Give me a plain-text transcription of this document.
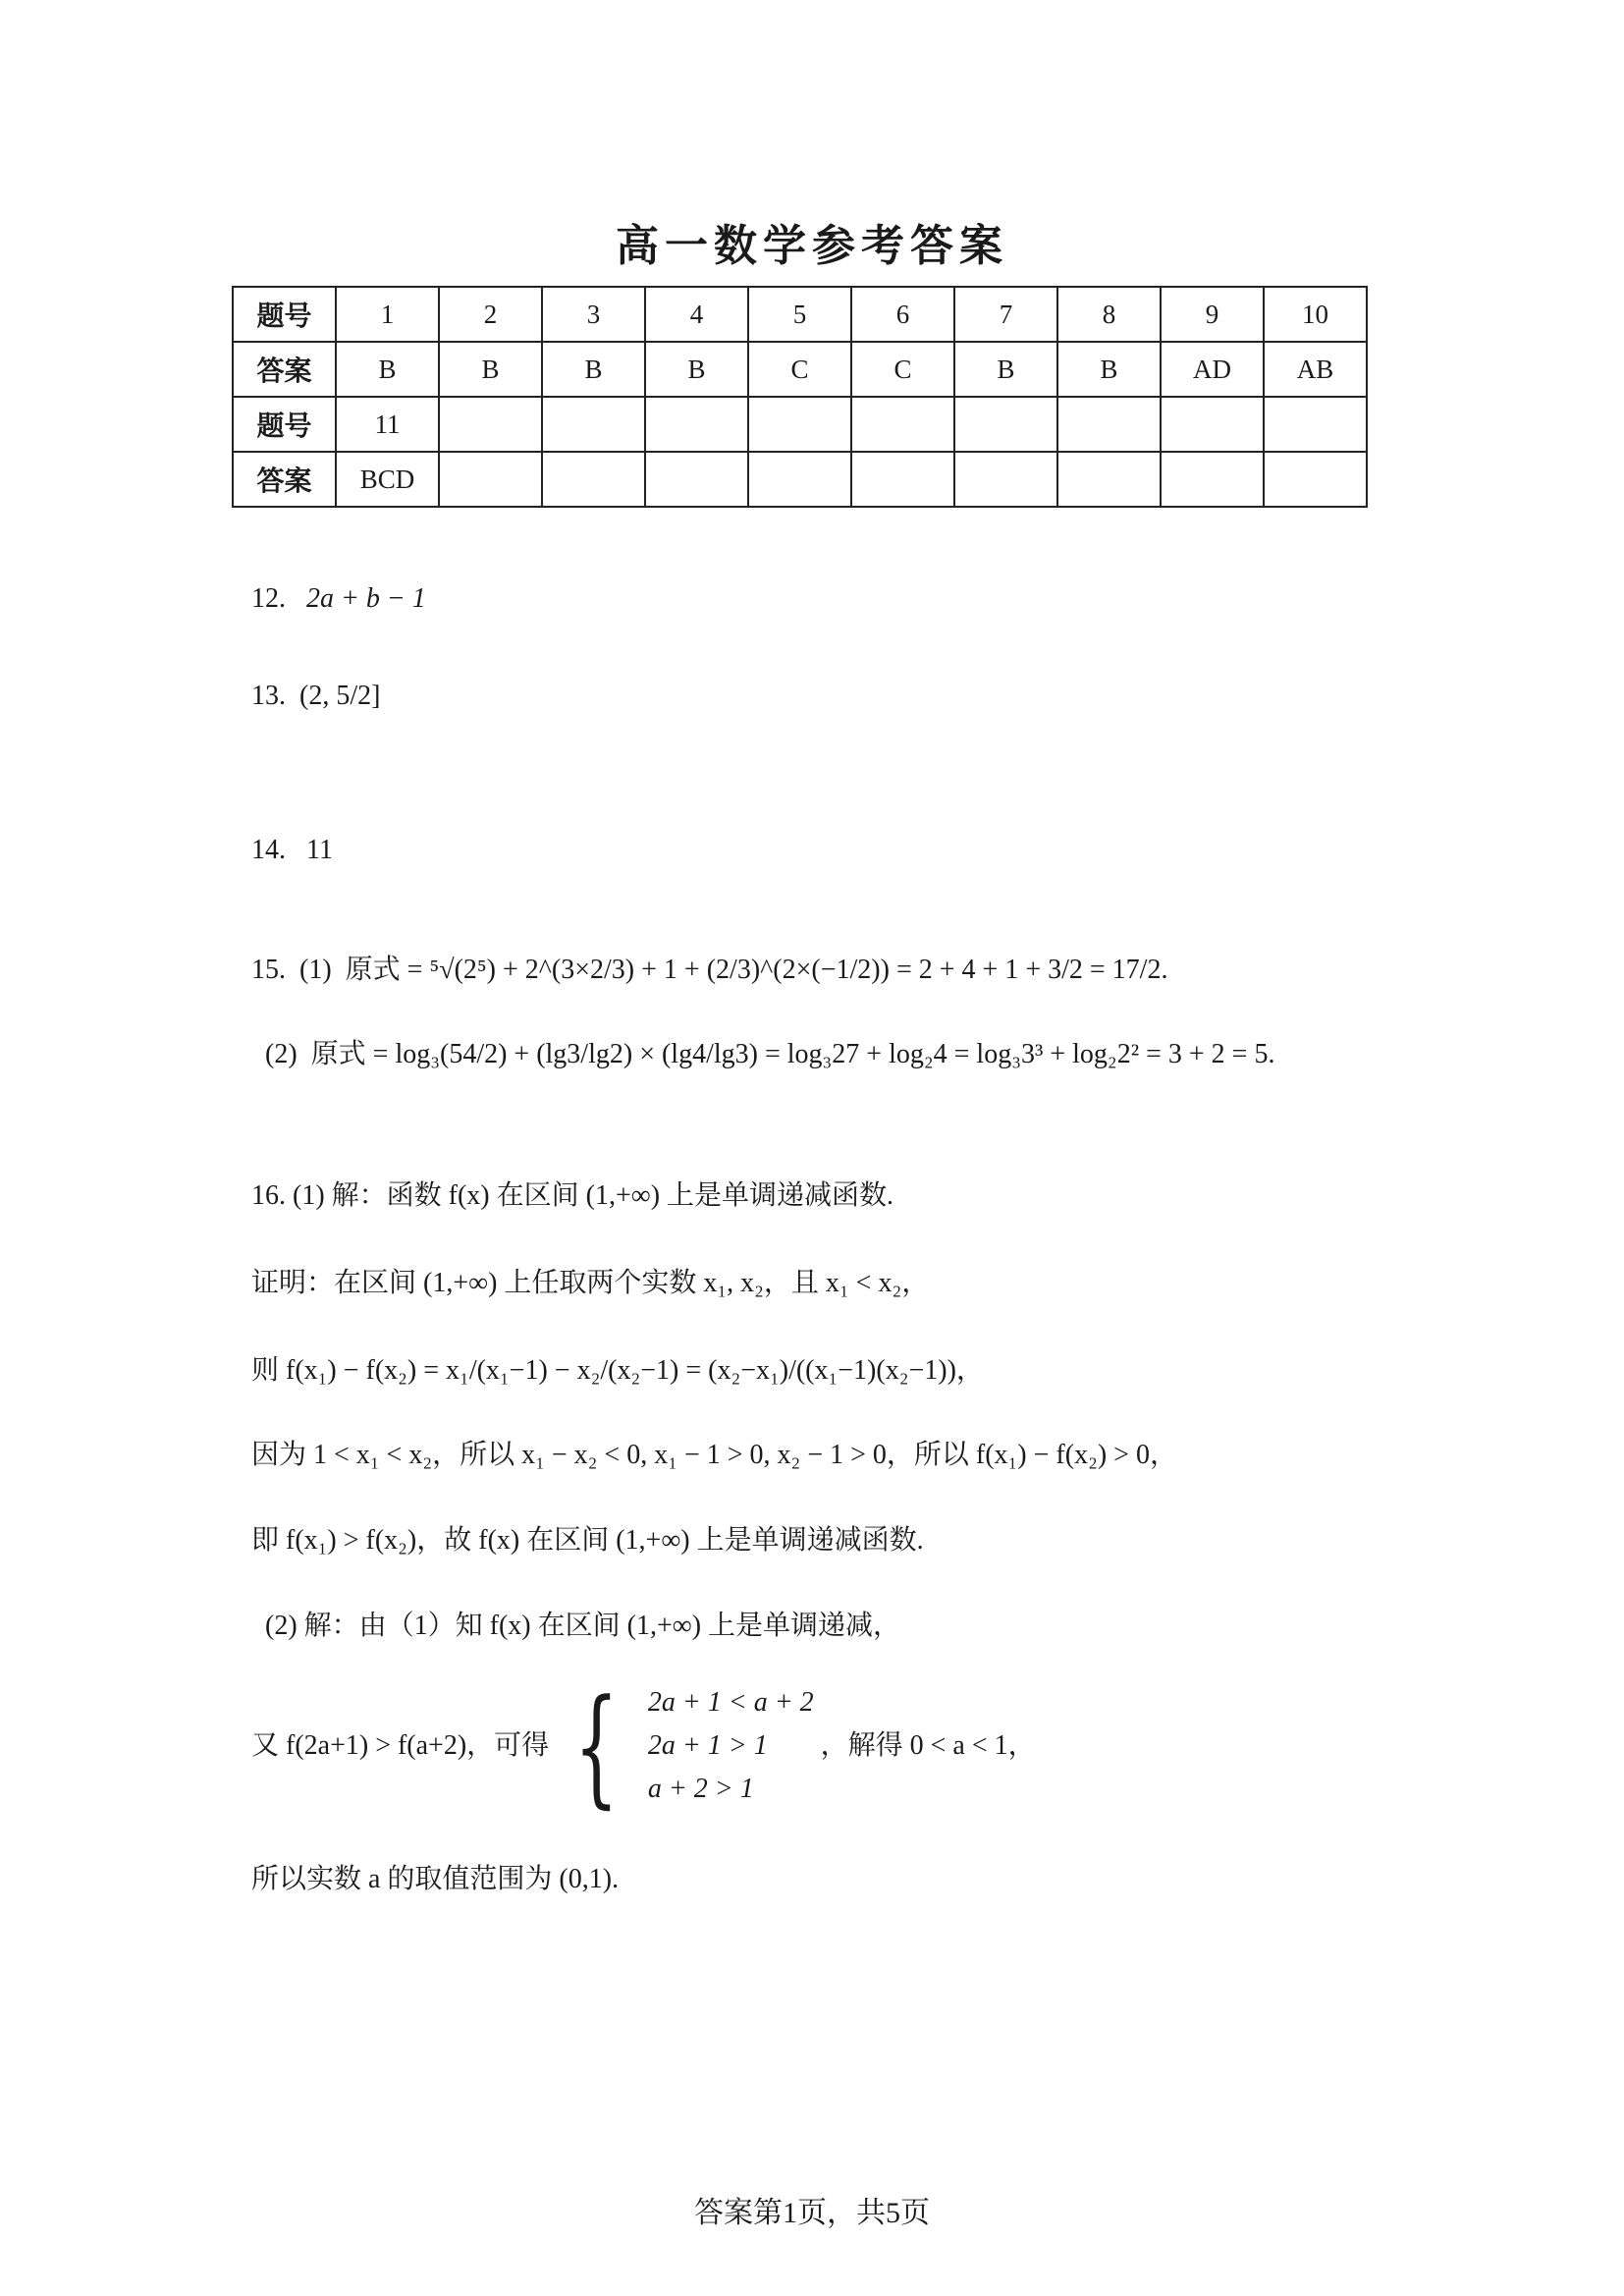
高一数学参考答案
题号	1	2	3	4	5	6	7	8	9	10
答案	B	B	B	B	C	C	B	B	AD	AB
题号	11									
答案	BCD									
12. 2a + b − 1
13. (2, 5/2]
14. 11
15. (1) 原式 = ⁵√(2⁵) + 2^(3×2/3) + 1 + (2/3)^(2×(−1/2)) = 2 + 4 + 1 + 3/2 = 17/2.
(2) 原式 = log₃(54/2) + (lg3/lg2) × (lg4/lg3) = log₃27 + log₂4 = log₃3³ + log₂2² = 3 + 2 = 5.
16. (1) 解：函数 f(x) 在区间 (1,+∞) 上是单调递减函数.
证明：在区间 (1,+∞) 上任取两个实数 x₁, x₂，且 x₁ < x₂，
则 f(x₁) − f(x₂) = x₁/(x₁−1) − x₂/(x₂−1) = (x₂−x₁)/((x₁−1)(x₂−1))，
因为 1 < x₁ < x₂，所以 x₁ − x₂ < 0, x₁ − 1 > 0, x₂ − 1 > 0，所以 f(x₁) − f(x₂) > 0，
即 f(x₁) > f(x₂)，故 f(x) 在区间 (1,+∞) 上是单调递减函数.
(2) 解：由（1）知 f(x) 在区间 (1,+∞) 上是单调递减，
又 f(2a+1) > f(a+2)，可得 { 2a + 1 < a + 2
2a + 1 > 1
a + 2 > 1
，解得 0 < a < 1，
所以实数 a 的取值范围为 (0,1).
答案第1页，共5页
